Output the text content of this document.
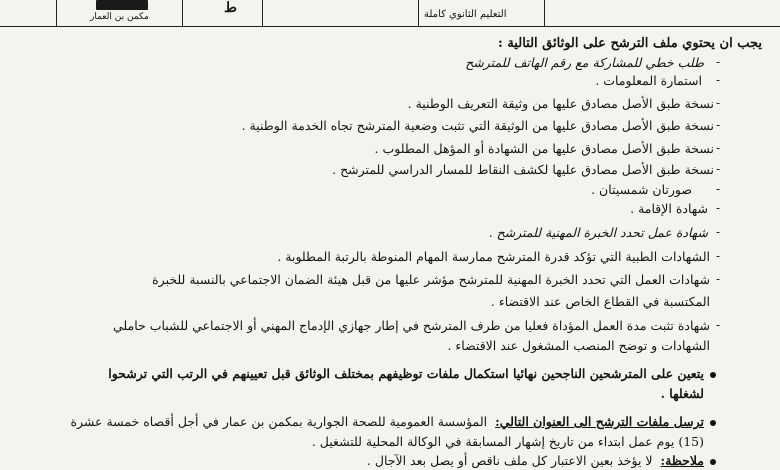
ط
مكمن بن العمار	التعليم الثانوي كاملة
يجب ان يحتوي ملف الترشح على الوثائق التالية :
طلب خطي للمشاركة مع رقم الهاتف للمترشح
استمارة المعلومات .
نسخة طبق الأصل مصادق عليها من وثيقة التعريف الوطنية .
نسخة طبق الأصل مصادق عليها من الوثيقة التي تثبت وضعية المترشح تجاه الخدمة الوطنية .
نسخة طبق الأصل مصادق عليها من الشهادة أو المؤهل المطلوب .
نسخة طبق الأصل مصادق عليها لكشف النقاط للمسار الدراسي للمترشح .
صورتان شمسيتان .
شهادة الإقامة .
شهادة عمل تحدد الخبرة المهنية للمترشح .
الشهادات الطبية التي تؤكد قدرة المترشح ممارسة المهام المنوطة بالرتبة المطلوبة .
شهادات العمل التي تحدد الخبرة المهنية للمترشح مؤشر عليها من قبل هيئة الضمان الاجتماعي بالنسبة للخبرة
المكتسبة في القطاع الخاص عند الاقتضاء .
شهادة تثبت مدة العمل المؤداة فعليا من طرف المترشح في إطار جهازي الإدماج المهني أو الاجتماعي للشباب حاملي
الشهادات و توضح المنصب المشغول عند الاقتضاء .
-
-
-
-
-
-
-
-
-
-
-
-
يتعين على المترشحين الناجحين نهائيا استكمال ملفات توظيفهم بمختلف الوثائق قبل تعيينهم في الرتب التي ترشحوا
لشغلها .
ترسل ملفات الترشح الى العنوان التالي: المؤسسة العمومية للصحة الجوارية بمكمن بن عمار في أجل أقصاه خمسة عشرة
(15) يوم عمل ابتداء من تاريخ إشهار المسابقة في الوكالة المحلية للتشغيل .
ملاحظة: لا يؤخذ بعين الاعتبار كل ملف ناقص أو يصل بعد الآجال .
